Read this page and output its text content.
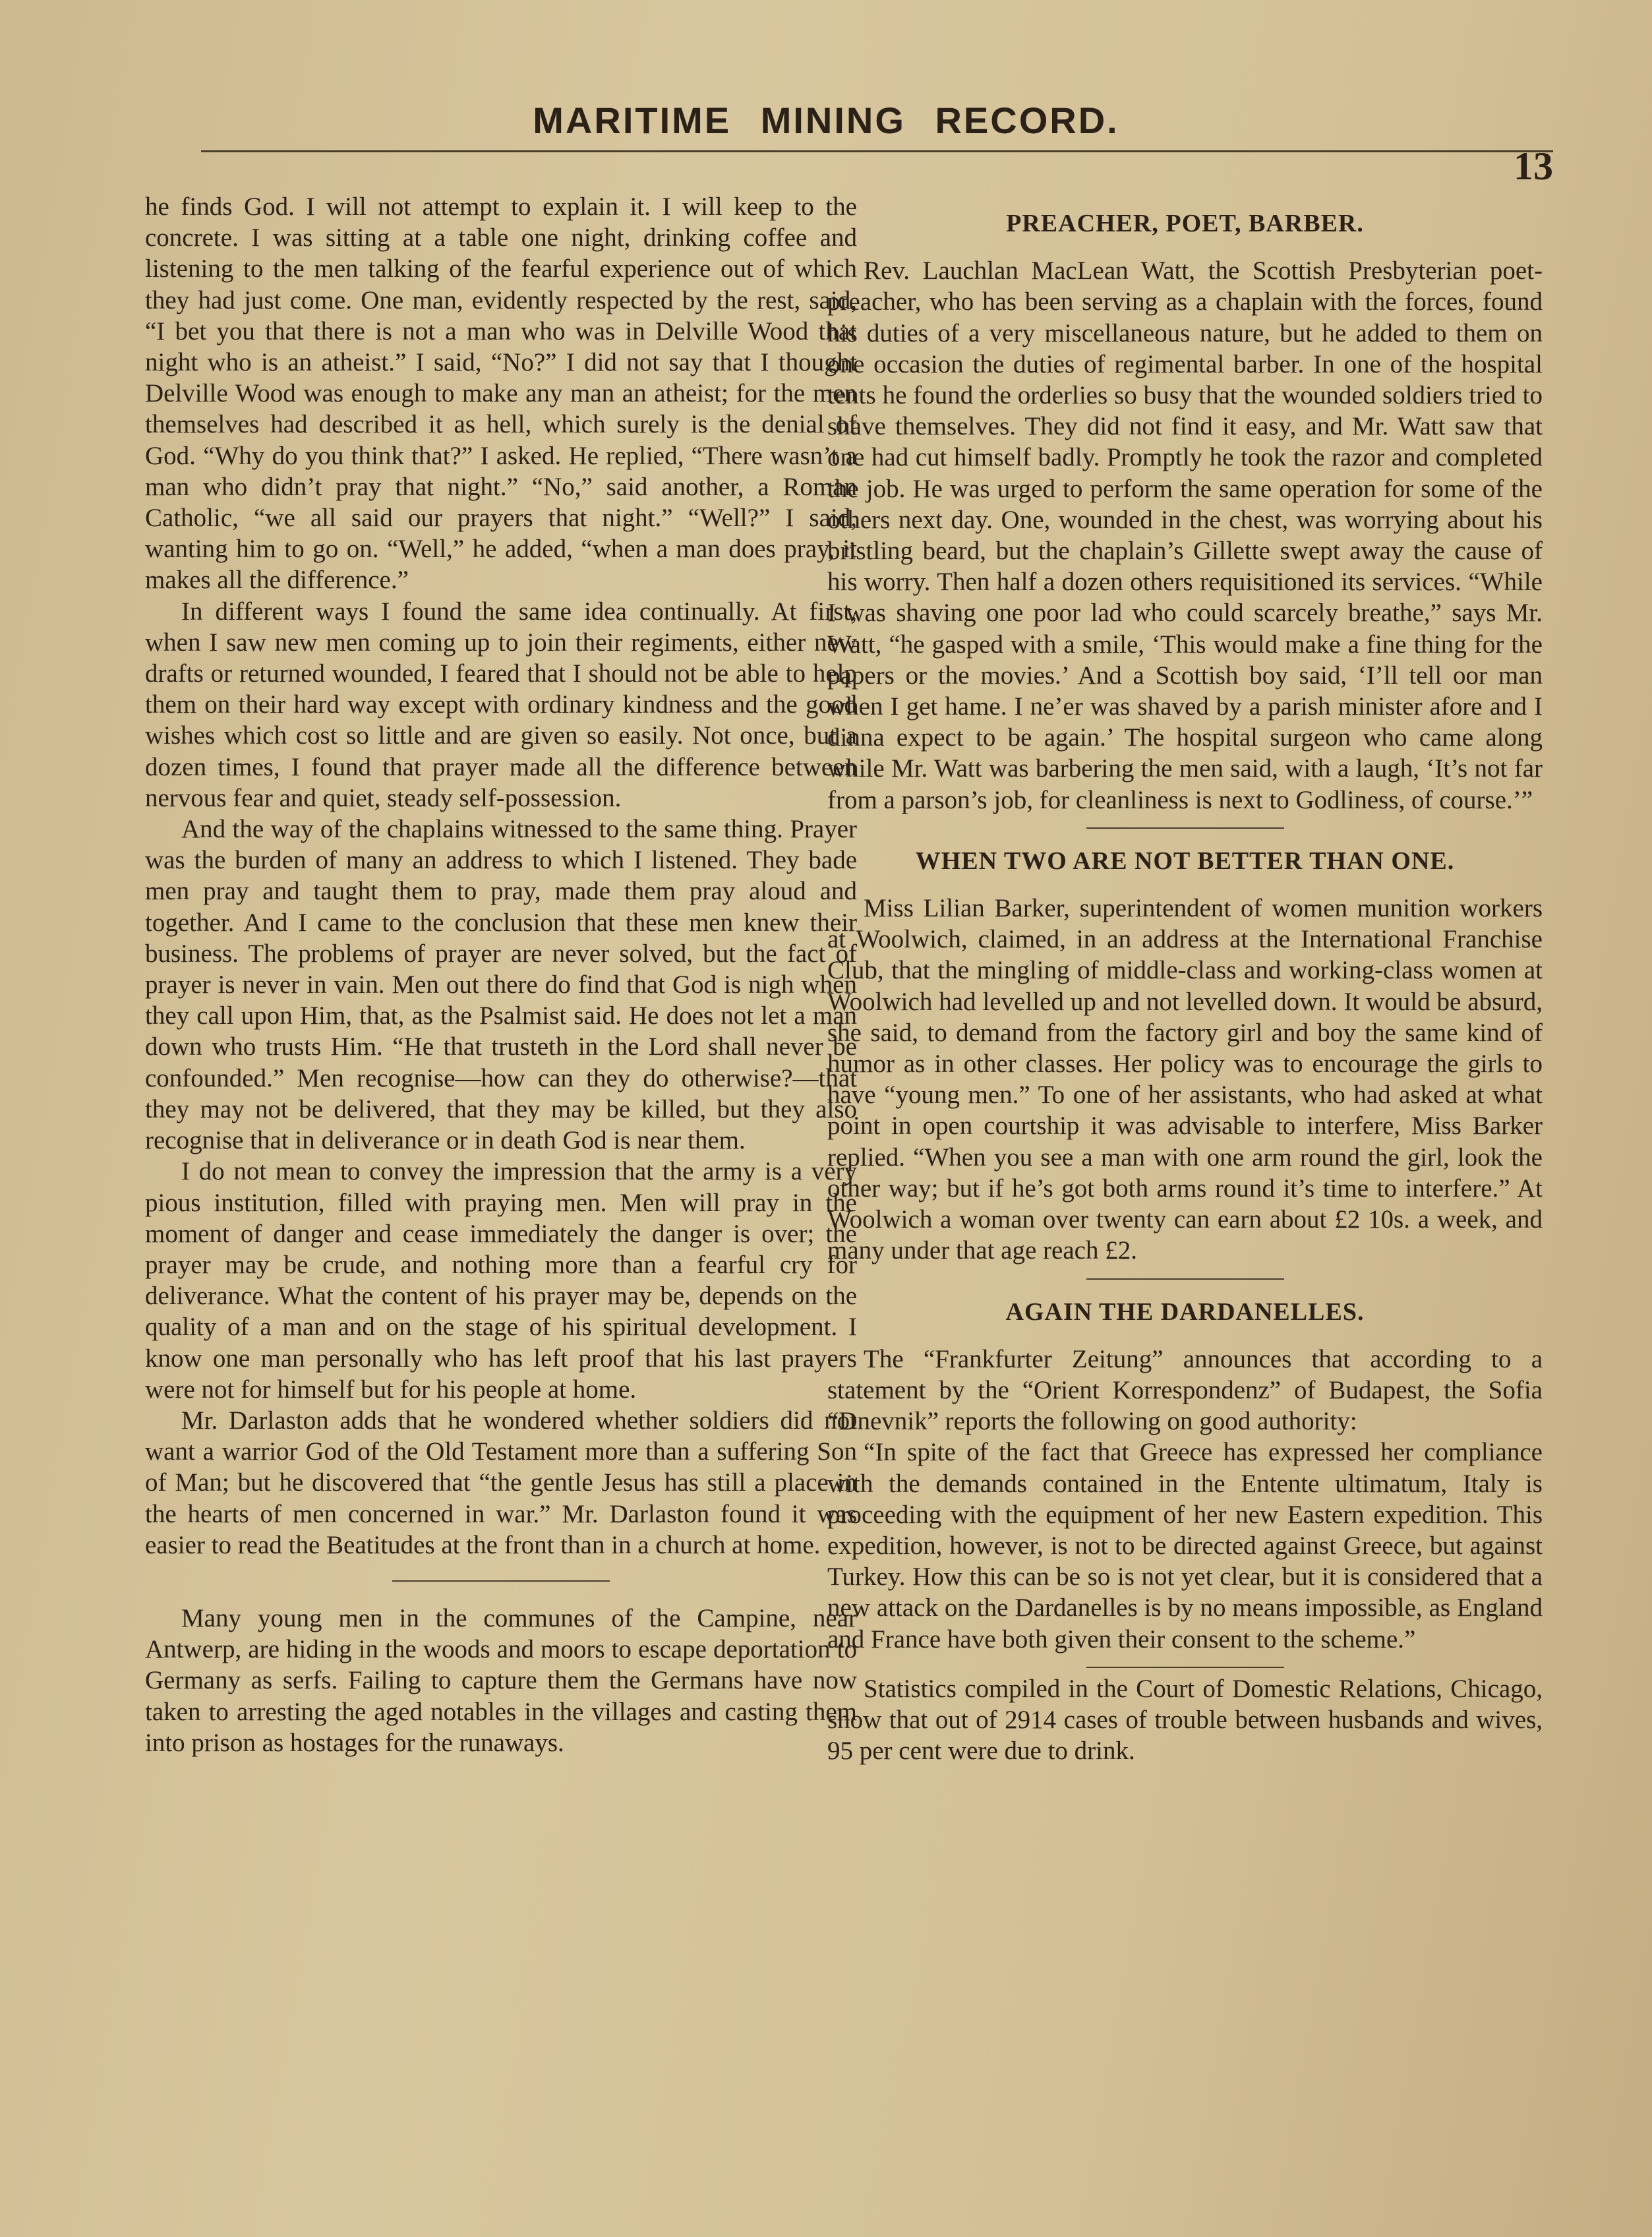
MARITIME MINING RECORD.
13

he finds God. I will not attempt to explain it. I will keep to the concrete. I was sitting at a table one night, drinking coffee and listening to the men talking of the fearful experience out of which they had just come. One man, evidently respected by the rest, said, “I bet you that there is not a man who was in Delville Wood that night who is an atheist.” I said, “No?” I did not say that I thought Delville Wood was enough to make any man an atheist; for the men themselves had described it as hell, which surely is the denial of God. “Why do you think that?” I asked. He replied, “There wasn’t a man who didn’t pray that night.” “No,” said another, a Roman Catholic, “we all said our prayers that night.” “Well?” I said, wanting him to go on. “Well,” he added, “when a man does pray, it makes all the difference.”

In different ways I found the same idea continually. At first, when I saw new men coming up to join their regiments, either new drafts or returned wounded, I feared that I should not be able to help them on their hard way except with ordinary kindness and the good wishes which cost so little and are given so easily. Not once, but a dozen times, I found that prayer made all the difference between nervous fear and quiet, steady self-possession.

And the way of the chaplains witnessed to the same thing. Prayer was the burden of many an address to which I listened. They bade men pray and taught them to pray, made them pray aloud and together. And I came to the conclusion that these men knew their business. The problems of prayer are never solved, but the fact of prayer is never in vain. Men out there do find that God is nigh when they call upon Him, that, as the Psalmist said. He does not let a man down who trusts Him. “He that trusteth in the Lord shall never be confounded.” Men recognise—how can they do otherwise?—that they may not be delivered, that they may be killed, but they also recognise that in deliverance or in death God is near them.

I do not mean to convey the impression that the army is a very pious institution, filled with praying men. Men will pray in the moment of danger and cease immediately the danger is over; the prayer may be crude, and nothing more than a fearful cry for deliverance. What the content of his prayer may be, depends on the quality of a man and on the stage of his spiritual development. I know one man personally who has left proof that his last prayers were not for himself but for his people at home.

Mr. Darlaston adds that he wondered whether soldiers did not want a warrior God of the Old Testament more than a suffering Son of Man; but he discovered that “the gentle Jesus has still a place in the hearts of men concerned in war.” Mr. Darlaston found it was easier to read the Beatitudes at the front than in a church at home.

Many young men in the communes of the Campine, near Antwerp, are hiding in the woods and moors to escape deportation to Germany as serfs. Failing to capture them the Germans have now taken to arresting the aged notables in the villages and casting them into prison as hostages for the runaways.

PREACHER, POET, BARBER.

Rev. Lauchlan MacLean Watt, the Scottish Presbyterian poet-preacher, who has been serving as a chaplain with the forces, found his duties of a very miscellaneous nature, but he added to them on one occasion the duties of regimental barber. In one of the hospital tents he found the orderlies so busy that the wounded soldiers tried to shave themselves. They did not find it easy, and Mr. Watt saw that one had cut himself badly. Promptly he took the razor and completed the job. He was urged to perform the same operation for some of the others next day. One, wounded in the chest, was worrying about his bristling beard, but the chaplain’s Gillette swept away the cause of his worry. Then half a dozen others requisitioned its services. “While I was shaving one poor lad who could scarcely breathe,” says Mr. Watt, “he gasped with a smile, ‘This would make a fine thing for the papers or the movies.’ And a Scottish boy said, ‘I’ll tell oor man when I get hame. I ne’er was shaved by a parish minister afore and I dinna expect to be again.’ The hospital surgeon who came along while Mr. Watt was barbering the men said, with a laugh, ‘It’s not far from a parson’s job, for cleanliness is next to Godliness, of course.’”

WHEN TWO ARE NOT BETTER THAN ONE.

Miss Lilian Barker, superintendent of women munition workers at Woolwich, claimed, in an address at the International Franchise Club, that the mingling of middle-class and working-class women at Woolwich had levelled up and not levelled down. It would be absurd, she said, to demand from the factory girl and boy the same kind of humor as in other classes. Her policy was to encourage the girls to have “young men.” To one of her assistants, who had asked at what point in open courtship it was advisable to interfere, Miss Barker replied. “When you see a man with one arm round the girl, look the other way; but if he’s got both arms round it’s time to interfere.” At Woolwich a woman over twenty can earn about £2 10s. a week, and many under that age reach £2.

AGAIN THE DARDANELLES.

The “Frankfurter Zeitung” announces that according to a statement by the “Orient Korrespondenz” of Budapest, the Sofia “Dnevnik” reports the following on good authority:

“In spite of the fact that Greece has expressed her compliance with the demands contained in the Entente ultimatum, Italy is proceeding with the equipment of her new Eastern expedition. This expedition, however, is not to be directed against Greece, but against Turkey. How this can be so is not yet clear, but it is considered that a new attack on the Dardanelles is by no means impossible, as England and France have both given their consent to the scheme.”

Statistics compiled in the Court of Domestic Relations, Chicago, show that out of 2914 cases of trouble between husbands and wives, 95 per cent were due to drink.
